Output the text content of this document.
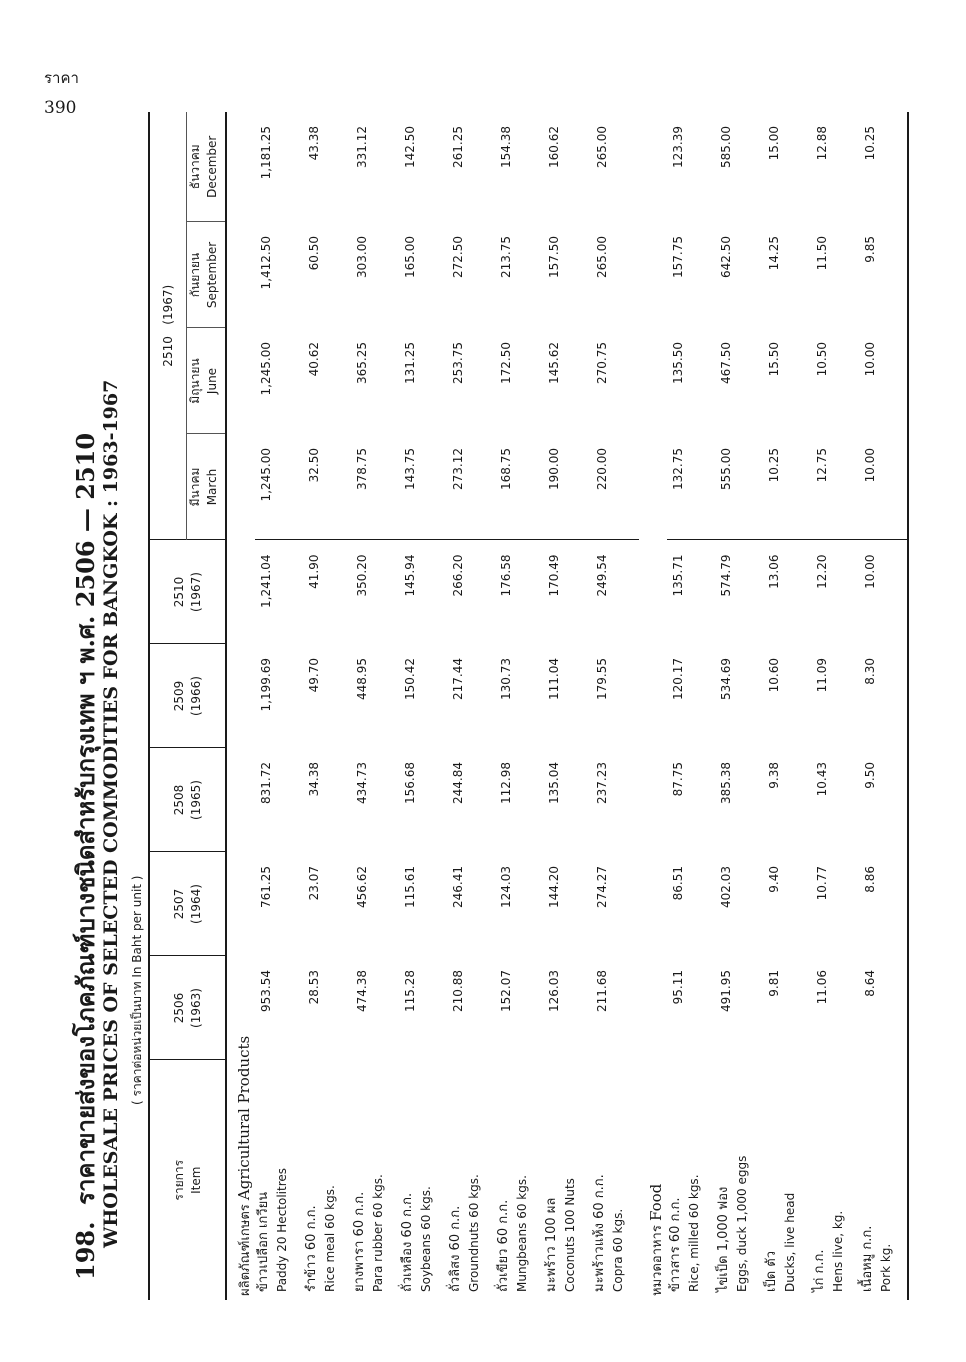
ราคา
390
198.  ราคาขายส่งของโภคภัณฑ์บางชนิดสำหรับกรุงเทพ ฯ พ.ศ. 2506 — 2510 WHOLESALE PRICES OF SELECTED COMMODITIES FOR BANGKOK : 1963-1967 ( ราคาต่อหน่วยเป็นบาท In Baht per unit )
รายการ Item	2506 (1963)	2507 (1964)	2508 (1965)	2509 (1966)	2510 (1967)	2510   (1967)			

						มีนาคม March	มิถุนายน June	กันยายน September	ธันวาคม December

ผลิตภัณฑ์เกษตร Agricultural Products									

ข้าวเปลือก เกวียน Paddy 20 Hectolitres	953.54	761.25	831.72	1,199.69	1,241.04	1,245.00	1,245.00	1,412.50	1,181.25

รำข้าว 60 ก.ก. Rice meal 60 kgs.	28.53	23.07	34.38	49.70	41.90	32.50	40.62	60.50	43.38

ยางพารา 60 ก.ก. Para rubber 60 kgs.	474.38	456.62	434.73	448.95	350.20	378.75	365.25	303.00	331.12

ถั่วเหลือง 60 ก.ก. Soybeans 60 kgs.	115.28	115.61	156.68	150.42	145.94	143.75	131.25	165.00	142.50

ถั่วลิสง 60 ก.ก. Groundnuts 60 kgs.	210.88	246.41	244.84	217.44	266.20	273.12	253.75	272.50	261.25

ถั่วเขียว 60 ก.ก. Mungbeans 60 kgs.	152.07	124.03	112.98	130.73	176.58	168.75	172.50	213.75	154.38

มะพร้าว 100 ผล Coconuts 100 Nuts	126.03	144.20	135.04	111.04	170.49	190.00	145.62	157.50	160.62

มะพร้าวแห้ง 60 ก.ก. Copra 60 kgs.	211.68	274.27	237.23	179.55	249.54	220.00	270.75	265.00	265.00
หมวดอาหาร Food									

ข้าวสาร 60 ก.ก. Rice, milled 60 kgs.	95.11	86.51	87.75	120.17	135.71	132.75	135.50	157.75	123.39

ไข่เป็ด 1,000 ฟอง Eggs, duck 1,000 eggs	491.95	402.03	385.38	534.69	574.79	555.00	467.50	642.50	585.00

เป็ด ตัว Ducks, live head	9.81	9.40	9.38	10.60	13.06	10.25	15.50	14.25	15.00

ไก่ ก.ก. Hens live, kg.	11.06	10.77	10.43	11.09	12.20	12.75	10.50	11.50	12.88

เนื้อหมู ก.ก. Pork kg.	8.64	8.86	9.50	8.30	10.00	10.00	10.00	9.85	10.25
